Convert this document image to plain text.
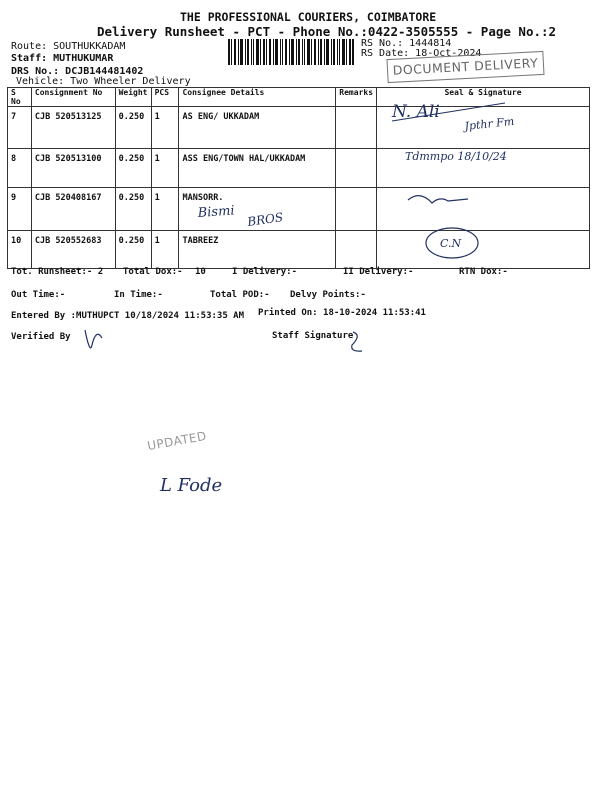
THE PROFESSIONAL COURIERS, COIMBATORE
Delivery Runsheet - PCT - Phone No.:0422-3505555 - Page No.:2
Route: SOUTHUKKADAM
Staff: MUTHUKUMAR
DRS No.: DCJB144481402
Vehicle: Two Wheeler Delivery
RS No.: 1444814
RS Date: 18-Oct-2024
DOCUMENT DELIVERY
S No	Consignment No	Weight	PCS	Consignee Details	Remarks	Seal & Signature
7	CJB 520513125	0.250	1	AS ENG/ UKKADAM		
8	CJB 520513100	0.250	1	ASS ENG/TOWN HAL/UKKADAM		
9	CJB 520408167	0.250	1	MANSORR.		
10	CJB 520552683	0.250	1	TABREEZ		
N. Ali
Jpthr Fm
Tdmmpo 18/10/24
Bismi BROS
C.N
L Fode
Tot. Runsheet:- 2 Total Dox:- 10	I Delivery:-	II Delivery:-	RTN Dox:-
Out Time:-	In Time:-	Total POD:- Delvy Points:-
Entered By :MUTHUPCT 10/18/2024 11:53:35 AM Printed On: 18-10-2024 11:53:41
Verified By	Staff Signature
UPDATED
